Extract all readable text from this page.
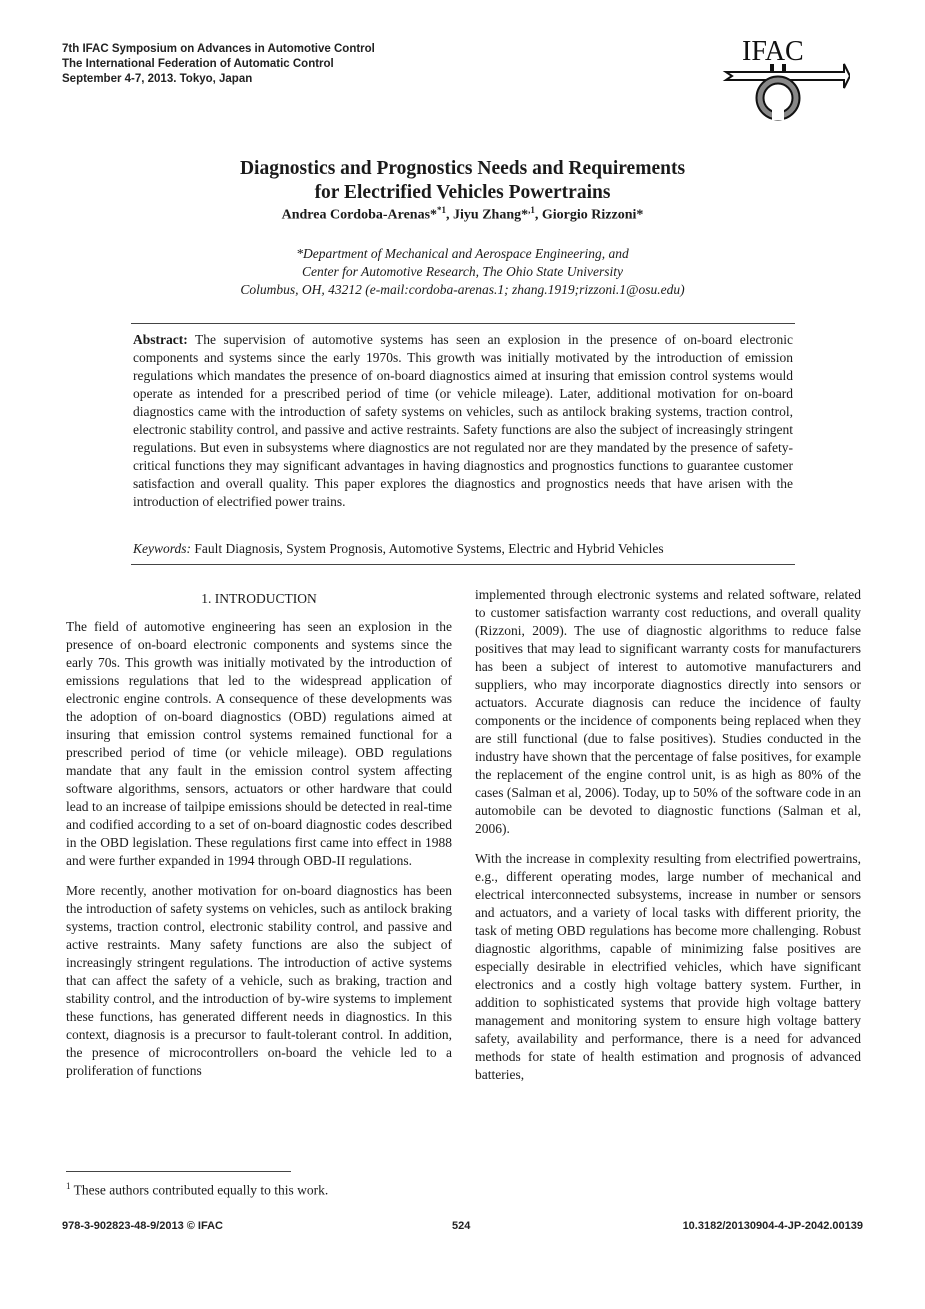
7th IFAC Symposium on Advances in Automotive Control
The International Federation of Automatic Control
September 4-7, 2013. Tokyo, Japan
IFAC
Diagnostics and Prognostics Needs and Requirements
for Electrified Vehicles Powertrains
Andrea Cordoba-Arenas*$^{*1}$, Jiyu Zhang*$^{,1}$, Giorgio Rizzoni*
*Department of Mechanical and Aerospace Engineering, and
Center for Automotive Research, The Ohio State University
Columbus, OH, 43212 (e-mail:cordoba-arenas.1; zhang.1919;rizzoni.1@osu.edu)
Abstract: The supervision of automotive systems has seen an explosion in the presence of on-board electronic components and systems since the early 1970s. This growth was initially motivated by the introduction of emission regulations which mandates the presence of on-board diagnostics aimed at insuring that emission control systems would operate as intended for a prescribed period of time (or vehicle mileage). Later, additional motivation for on-board diagnostics came with the introduction of safety systems on vehicles, such as antilock braking systems, traction control, electronic stability control, and passive and active restraints. Safety functions are also the subject of increasingly stringent regulations. But even in subsystems where diagnostics are not regulated nor are they mandated by the presence of safety-critical functions they may significant advantages in having diagnostics and prognostics functions to guarantee customer satisfaction and overall quality. This paper explores the diagnostics and prognostics needs that have arisen with the introduction of electrified power trains.
Keywords: Fault Diagnosis, System Prognosis, Automotive Systems, Electric and Hybrid Vehicles
1. INTRODUCTION

The field of automotive engineering has seen an explosion in the presence of on-board electronic components and systems since the early 70s. This growth was initially motivated by the introduction of emissions regulations that led to the widespread application of electronic engine controls. A consequence of these developments was the adoption of on-board diagnostics (OBD) regulations aimed at insuring that emission control systems remained functional for a prescribed period of time (or vehicle mileage). OBD regulations mandate that any fault in the emission control system affecting software algorithms, sensors, actuators or other hardware that could lead to an increase of tailpipe emissions should be detected in real-time and codified according to a set of on-board diagnostic codes described in the OBD legislation. These regulations first came into effect in 1988 and were further expanded in 1994 through OBD-II regulations.

More recently, another motivation for on-board diagnostics has been the introduction of safety systems on vehicles, such as antilock braking systems, traction control, electronic stability control, and passive and active restraints. Many safety functions are also the subject of increasingly stringent regulations. The introduction of active systems that can affect the safety of a vehicle, such as braking, traction and stability control, and the introduction of by-wire systems to implement these functions, has generated different needs in diagnostics. In this context, diagnosis is a precursor to fault-tolerant control. In addition, the presence of microcontrollers on-board the vehicle led to a proliferation of functions

implemented through electronic systems and related software, related to customer satisfaction warranty cost reductions, and overall quality (Rizzoni, 2009). The use of diagnostic algorithms to reduce false positives that may lead to significant warranty costs for manufacturers has been a subject of interest to automotive manufacturers and suppliers, who may incorporate diagnostics directly into sensors or actuators. Accurate diagnosis can reduce the incidence of faulty components or the incidence of components being replaced when they are still functional (due to false positives). Studies conducted in the industry have shown that the percentage of false positives, for example the replacement of the engine control unit, is as high as 80% of the cases (Salman et al, 2006). Today, up to 50% of the software code in an automobile can be devoted to diagnostic functions (Salman et al, 2006).

With the increase in complexity resulting from electrified powertrains, e.g., different operating modes, large number of mechanical and electrical interconnected subsystems, increase in number or sensors and actuators, and a variety of local tasks with different priority, the task of meting OBD regulations has become more challenging. Robust diagnostic algorithms, capable of minimizing false positives are especially desirable in electrified vehicles, which have significant electronics and a costly high voltage battery system. Further, in addition to sophisticated systems that provide high voltage battery management and monitoring system to ensure high voltage battery safety, availability and performance, there is a need for advanced methods for state of health estimation and prognosis of advanced batteries,

$^1$ These authors contributed equally to this work.
978-3-902823-48-9/2013 © IFAC	524	10.3182/20130904-4-JP-2042.00139
